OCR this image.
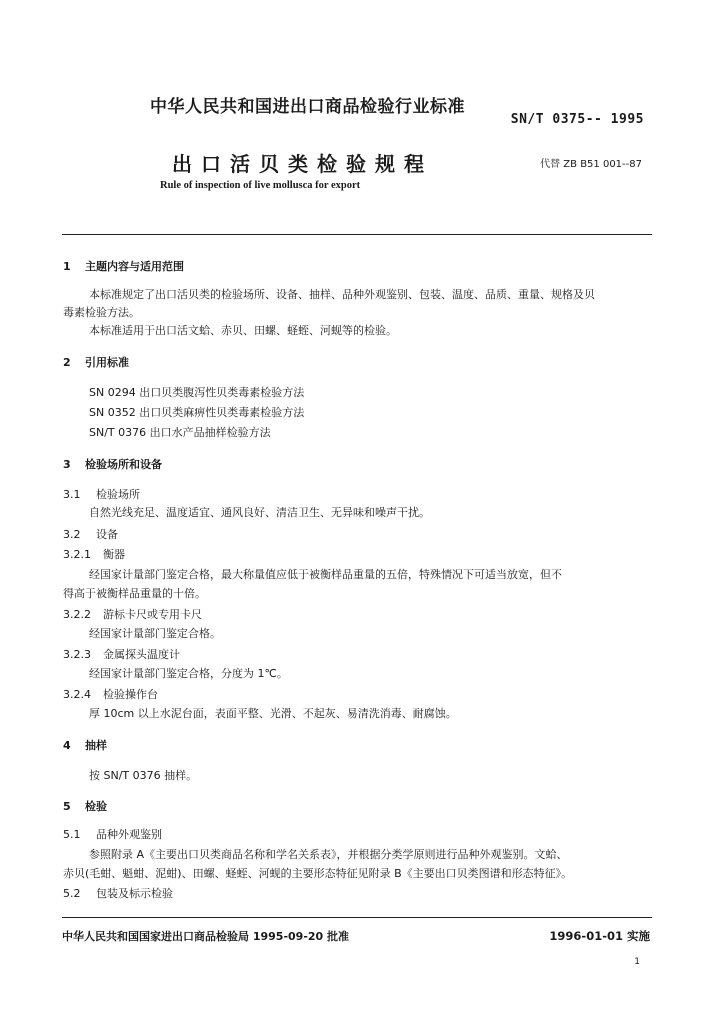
中华人民共和国进出口商品检验行业标准
SN/T 0375-- 1995
出口活贝类检验规程	代替 ZB B51 001--87
Rule of inspection of live mollusca for export
1 主题内容与适用范围
本标准规定了出口活贝类的检验场所、设备、抽样、品种外观鉴别、包装、温度、品质、重量、规格及贝
毒素检验方法。
本标准适用于出口活文蛤、赤贝、田螺、蛏蛭、河蚬等的检验。
2 引用标准
SN 0294 出口贝类腹泻性贝类毒素检验方法
SN 0352 出口贝类麻痹性贝类毒素检验方法
SN/T 0376 出口水产品抽样检验方法
3 检验场所和设备
3.1 检验场所
自然光线充足、温度适宜、通风良好、清洁卫生、无异味和噪声干扰。
3.2 设备
3.2.1 衡器
经国家计量部门鉴定合格，最大称量值应低于被衡样品重量的五倍，特殊情况下可适当放宽，但不
得高于被衡样品重量的十倍。
3.2.2 游标卡尺或专用卡尺
经国家计量部门鉴定合格。
3.2.3 金属探头温度计
经国家计量部门鉴定合格，分度为 1℃。
3.2.4 检验操作台
厚 10cm 以上水泥台面，表面平整、光滑、不起灰、易清洗消毒、耐腐蚀。
4 抽样
按 SN/T 0376 抽样。
5 检验
5.1 品种外观鉴别
参照附录 A《主要出口贝类商品名称和学名关系表》，并根据分类学原则进行品种外观鉴别。文蛤、
赤贝(毛蚶、魁蚶、泥蚶)、田螺、蛏蛭、河蚬的主要形态特征见附录 B《主要出口贝类图谱和形态特征》。
5.2 包装及标示检验
中华人民共和国国家进出口商品检验局 1995-09-20 批准	1996-01-01 实施
1
